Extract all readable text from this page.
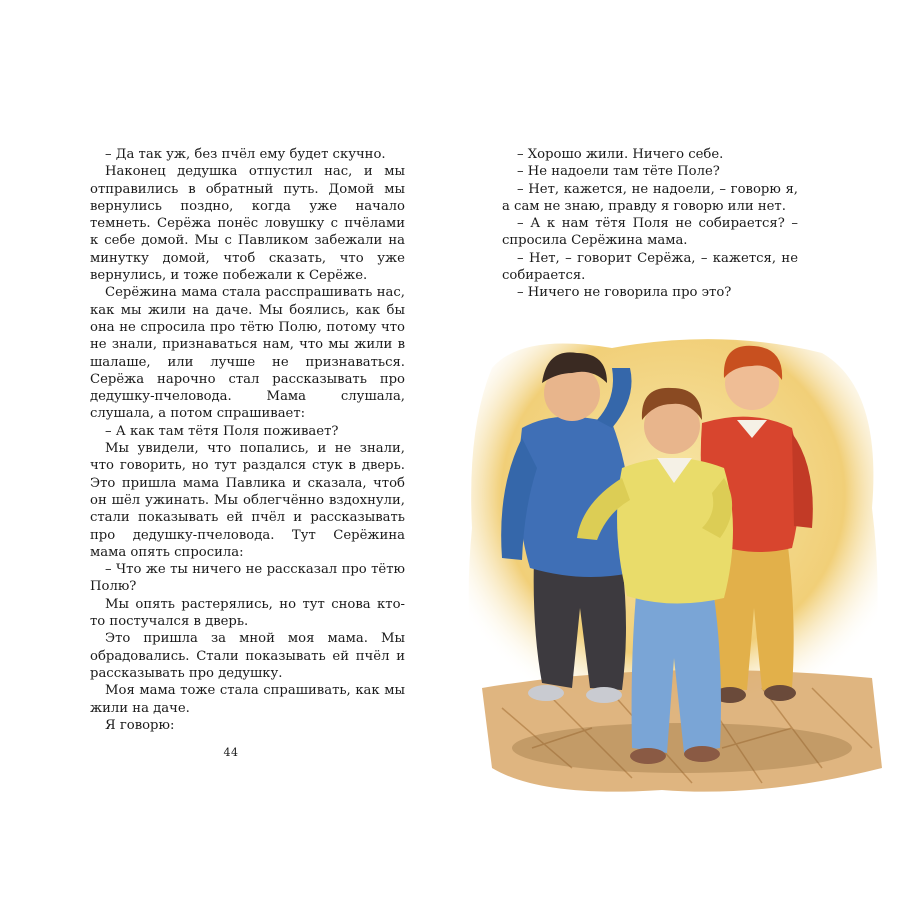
– Да так уж, без пчёл ему будет скучно.

Наконец дедушка отпустил нас, и мы отправились в обратный путь. Домой мы вернулись поздно, когда уже начало темнеть. Серёжа понёс ловушку с пчёлами к себе домой. Мы с Павликом забежали на минутку домой, чтоб сказать, что уже вернулись, и тоже побежали к Серёже.

Серёжина мама стала расспрашивать нас, как мы жили на даче. Мы боялись, как бы она не спросила про тётю Полю, потому что не знали, признаваться нам, что мы жили в шалаше, или лучше не признаваться. Серёжа нарочно стал рассказывать про дедушку-пчеловода. Мама слушала, слушала, а потом спрашивает:

– А как там тётя Поля поживает?

Мы увидели, что попались, и не знали, что говорить, но тут раздался стук в дверь. Это пришла мама Павлика и сказала, чтоб он шёл ужинать. Мы облегчённо вздохнули, стали показывать ей пчёл и рассказывать про дедушку-пчеловода. Тут Серёжина мама опять спросила:

– Что же ты ничего не рассказал про тётю Полю?

Мы опять растерялись, но тут снова кто-то постучался в дверь.

Это пришла за мной моя мама. Мы обрадовались. Стали показывать ей пчёл и рассказывать про дедушку.

Моя мама тоже стала спрашивать, как мы жили на даче.

Я говорю:

44

– Хорошо жили. Ничего себе.

– Не надоели там тёте Поле?

– Нет, кажется, не надоели, – говорю я, а сам не знаю, правду я говорю или нет.

– А к нам тётя Поля не собирается? – спросила Серёжина мама.

– Нет, – говорит Серёжа, – кажется, не собирается.

– Ничего не говорила про это?
